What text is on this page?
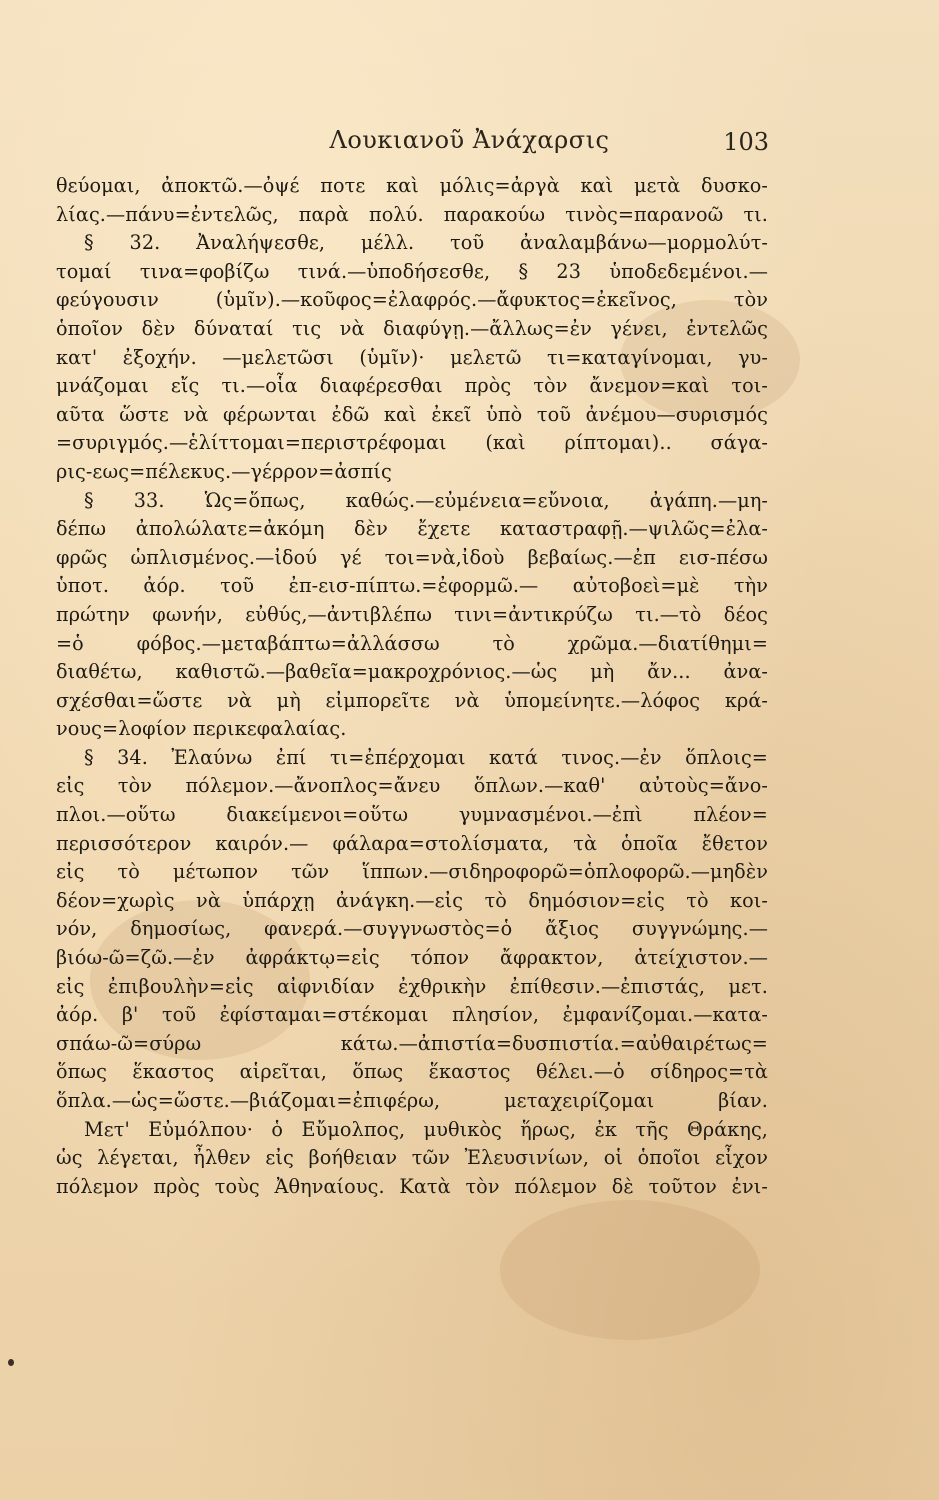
Λουκιανοῦ Ἀνάχαρσις	103
θεύομαι, ἀποκτῶ.—ὀψέ ποτε καὶ μόλις=ἀργὰ καὶ μετὰ δυσκο-
λίας.—πάνυ=ἐντελῶς, παρὰ πολύ. παρακούω τινὸς=παρανοῶ τι.
§ 32. Ἀναλήψεσθε, μέλλ. τοῦ ἀναλαμβάνω—μορμολύτ-
τομαί τινα=φοβίζω τινά.—ὑποδήσεσθε, § 23 ὑποδεδεμένοι.—
φεύγουσιν (ὑμῖν).—κοῦφος=ἐλαφρός.—ἄφυκτος=ἐκεῖνος, τὸν
ὁποῖον δὲν δύναταί τις νὰ διαφύγῃ.—ἄλλως=ἐν γένει, ἐντελῶς
κατ' ἐξοχήν. —μελετῶσι (ὑμῖν)· μελετῶ τι=καταγίνομαι, γυ-
μνάζομαι εἴς τι.—οἷα διαφέρεσθαι πρὸς τὸν ἄνεμον=καὶ τοι-
αῦτα ὥστε νὰ φέρωνται ἐδῶ καὶ ἐκεῖ ὑπὸ τοῦ ἀνέμου—συρισμός
=συριγμός.—ἑλίττομαι=περιστρέφομαι (καὶ ρίπτομαι).. σάγα-
ρις-εως=πέλεκυς.—γέρρον=ἀσπίς
§ 33. Ὡς=ὅπως, καθώς.—εὐμένεια=εὔνοια, ἀγάπη.—μη-
δέπω ἀπολώλατε=ἀκόμη δὲν ἔχετε καταστραφῇ.—ψιλῶς=ἐλα-
φρῶς ὡπλισμένος.—ἰδού γέ τοι=νὰ,ἰδοὺ βεβαίως.—ἐπ εισ-πέσω
ὑποτ. ἀόρ. τοῦ ἐπ-εισ-πίπτω.=ἐφορμῶ.— αὐτοβοεὶ=μὲ τὴν
πρώτην φωνήν, εὐθύς,—ἀντιβλέπω τινι=ἀντικρύζω τι.—τὸ δέος
=ὁ φόβος.—μεταβάπτω=ἀλλάσσω τὸ χρῶμα.—διατίθημι=
διαθέτω, καθιστῶ.—βαθεῖα=μακροχρόνιος.—ὡς μὴ ἄν... ἀνα-
σχέσθαι=ὥστε νὰ μὴ εἰμπορεῖτε νὰ ὑπομείνητε.—λόφος κρά-
νους=λοφίον περικεφαλαίας.
§ 34. Ἐλαύνω ἐπί τι=ἐπέρχομαι κατά τινος.—ἐν ὅπλοις=
εἰς τὸν πόλεμον.—ἄνοπλος=ἄνευ ὅπλων.—καθ' αὐτοὺς=ἄνο-
πλοι.—οὕτω διακείμενοι=οὕτω γυμνασμένοι.—ἐπὶ πλέον=
περισσότερον καιρόν.— φάλαρα=στολίσματα, τὰ ὁποῖα ἔθετον
εἰς τὸ μέτωπον τῶν ἵππων.—σιδηροφορῶ=ὁπλοφορῶ.—μηδὲν
δέον=χωρὶς νὰ ὑπάρχῃ ἀνάγκη.—εἰς τὸ δημόσιον=εἰς τὸ κοι-
νόν, δημοσίως, φανερά.—συγγνωστὸς=ὁ ἄξιος συγγνώμης.—
βιόω-ῶ=ζῶ.—ἐν ἀφράκτῳ=εἰς τόπον ἄφρακτον, ἀτείχιστον.—
εἰς ἐπιβουλὴν=εἰς αἰφνιδίαν ἐχθρικὴν ἐπίθεσιν.—ἐπιστάς, μετ.
ἀόρ. β' τοῦ ἐφίσταμαι=στέκομαι πλησίον, ἐμφανίζομαι.—κατα-
σπάω-ῶ=σύρω κάτω.—ἀπιστία=δυσπιστία.=αὐθαιρέτως=
ὅπως ἕκαστος αἱρεῖται, ὅπως ἕκαστος θέλει.—ὁ σίδηρος=τὰ
ὅπλα.—ὡς=ὥστε.—βιάζομαι=ἐπιφέρω, μεταχειρίζομαι βίαν.
Μετ' Εὐμόλπου· ὁ Εὔμολπος, μυθικὸς ἥρως, ἐκ τῆς Θράκης,
ὡς λέγεται, ἦλθεν εἰς βοήθειαν τῶν Ἐλευσινίων, οἱ ὁποῖοι εἶχον
πόλεμον πρὸς τοὺς Ἀθηναίους. Κατὰ τὸν πόλεμον δὲ τοῦτον ἐνι-
